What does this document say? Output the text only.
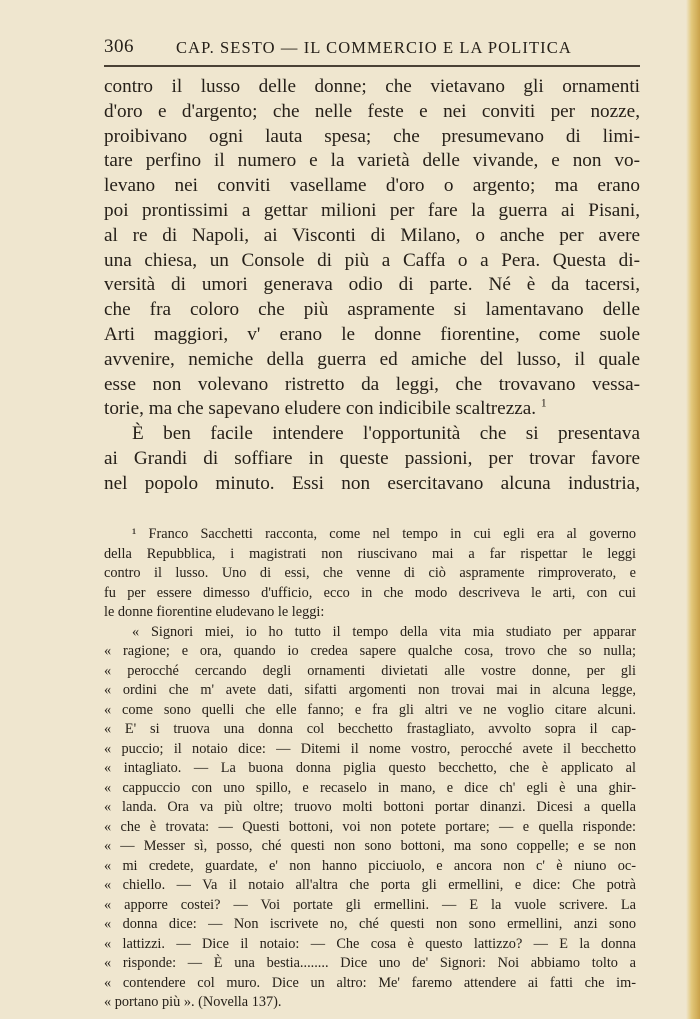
306	CAP. SESTO — IL COMMERCIO E LA POLITICA
contro il lusso delle donne; che vietavano gli ornamenti
d'oro e d'argento; che nelle feste e nei conviti per nozze,
proibivano ogni lauta spesa; che presumevano di limi-
tare perfino il numero e la varietà delle vivande, e non vo-
levano nei conviti vasellame d'oro o argento; ma erano
poi prontissimi a gettar milioni per fare la guerra ai Pisani,
al re di Napoli, ai Visconti di Milano, o anche per avere
una chiesa, un Console di più a Caffa o a Pera. Questa di-
versità di umori generava odio di parte. Né è da tacersi,
che fra coloro che più aspramente si lamentavano delle
Arti maggiori, v' erano le donne fiorentine, come suole
avvenire, nemiche della guerra ed amiche del lusso, il quale
esse non volevano ristretto da leggi, che trovavano vessa-
torie, ma che sapevano eludere con indicibile scaltrezza. $^1$
È ben facile intendere l'opportunità che si presentava
ai Grandi di soffiare in queste passioni, per trovar favore
nel popolo minuto. Essi non esercitavano alcuna industria,
¹ Franco Sacchetti racconta, come nel tempo in cui egli era al governo
della Repubblica, i magistrati non riuscivano mai a far rispettar le leggi
contro il lusso. Uno di essi, che venne di ciò aspramente rimproverato, e
fu per essere dimesso d'ufficio, ecco in che modo descriveva le arti, con cui
le donne fiorentine eludevano le leggi:
« Signori miei, io ho tutto il tempo della vita mia studiato per apparar
« ragione; e ora, quando io credea sapere qualche cosa, trovo che so nulla;
« perocché cercando degli ornamenti divietati alle vostre donne, per gli
« ordini che m' avete dati, sifatti argomenti non trovai mai in alcuna legge,
« come sono quelli che elle fanno; e fra gli altri ve ne voglio citare alcuni.
« E' si truova una donna col becchetto frastagliato, avvolto sopra il cap-
« puccio; il notaio dice: — Ditemi il nome vostro, perocché avete il becchetto
« intagliato. — La buona donna piglia questo becchetto, che è applicato al
« cappuccio con uno spillo, e recaselo in mano, e dice ch' egli è una ghir-
« landa. Ora va più oltre; truovo molti bottoni portar dinanzi. Dicesi a quella
« che è trovata: — Questi bottoni, voi non potete portare; — e quella risponde:
« — Messer sì, posso, ché questi non sono bottoni, ma sono coppelle; e se non
« mi credete, guardate, e' non hanno picciuolo, e ancora non c' è niuno oc-
« chiello. — Va il notaio all'altra che porta gli ermellini, e dice: Che potrà
« apporre costei? — Voi portate gli ermellini. — E la vuole scrivere. La
« donna dice: — Non iscrivete no, ché questi non sono ermellini, anzi sono
« lattizzi. — Dice il notaio: — Che cosa è questo lattizzo? — E la donna
« risponde: — È una bestia........ Dice uno de' Signori: Noi abbiamo tolto a
« contendere col muro. Dice un altro: Me' faremo attendere ai fatti che im-
« portano più ». (Novella 137).
